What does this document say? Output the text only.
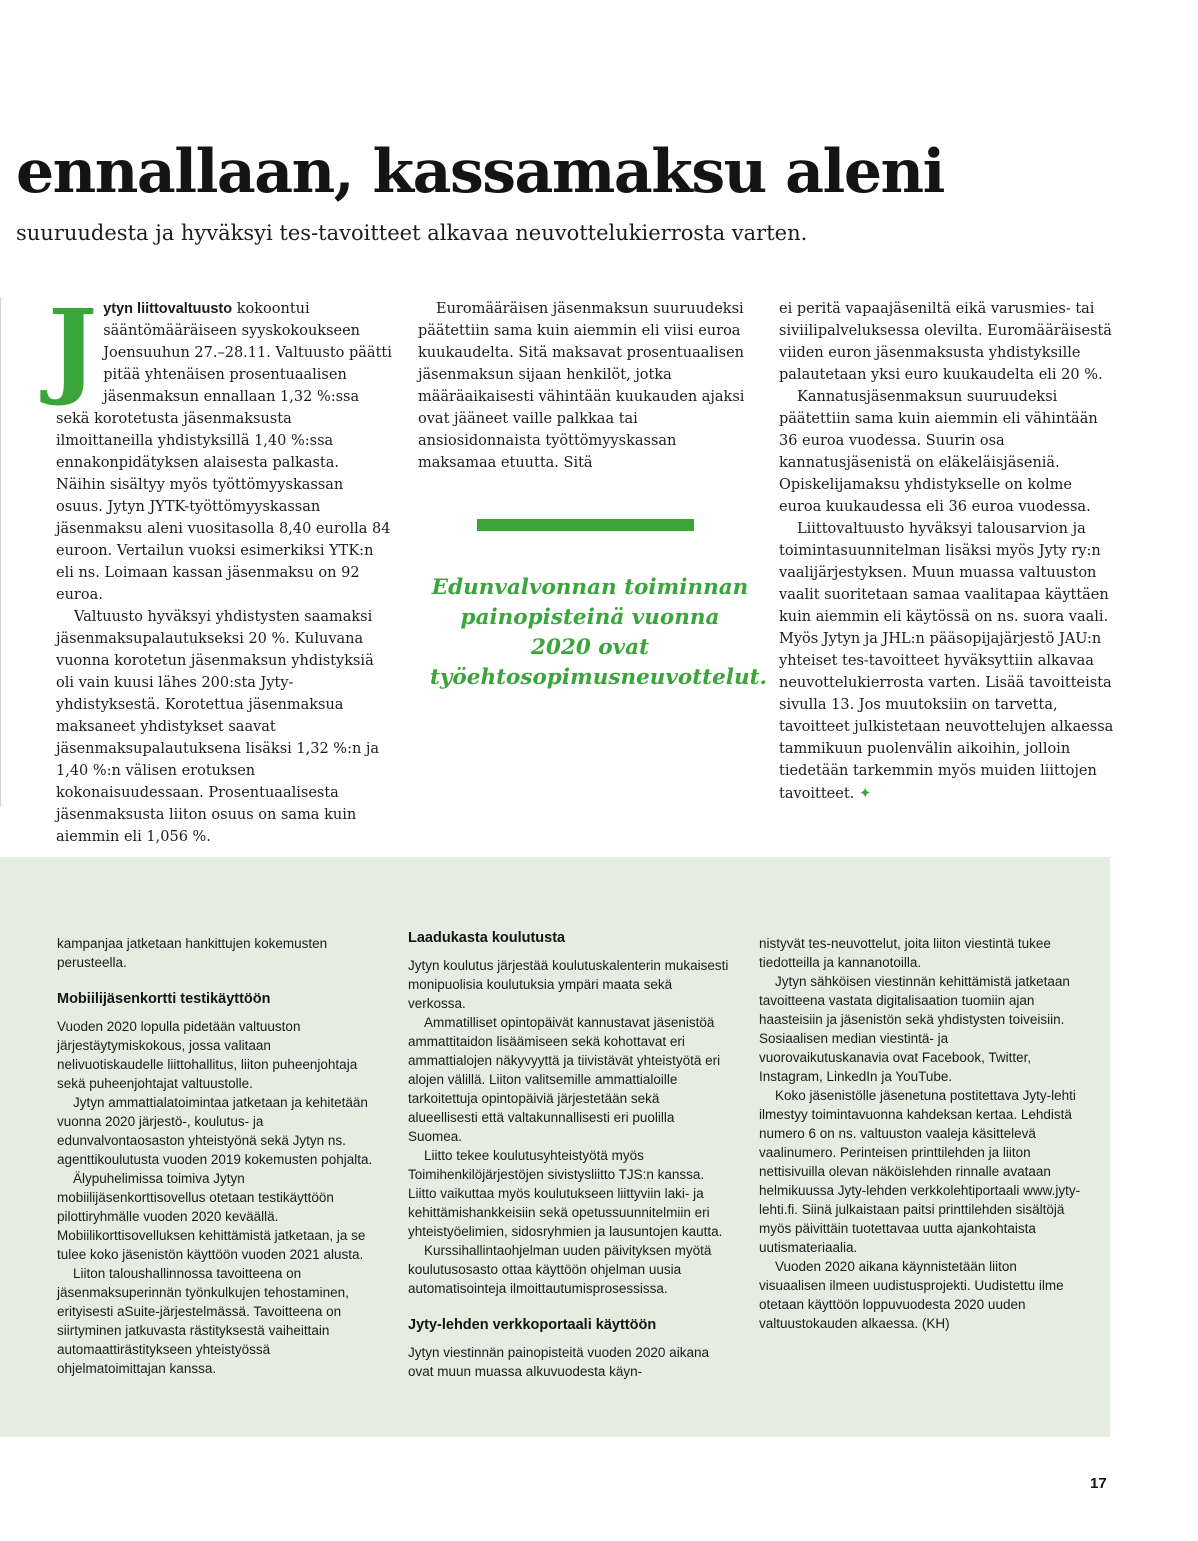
ennallaan, kassamaksu aleni

suuruudesta ja hyväksyi tes-tavoitteet alkavaa neuvottelukierrosta varten.

Jytyn liittovaltuusto kokoontui sääntömääräiseen syyskokoukseen Joensuuhun 27.–28.11. Valtuusto päätti pitää yhtenäisen prosentuaalisen jäsenmaksun ennallaan 1,32 %:ssa sekä korotetusta jäsenmaksusta ilmoittaneilla yhdistyksillä 1,40 %:ssa ennakonpidätyksen alaisesta palkasta. Näihin sisältyy myös työttömyyskassan osuus. Jytyn JYTK-työttömyyskassan jäsenmaksu aleni vuositasolla 8,40 eurolla 84 euroon. Vertailun vuoksi esimerkiksi YTK:n eli ns. Loimaan kassan jäsenmaksu on 92 euroa.

Valtuusto hyväksyi yhdistysten saamaksi jäsenmaksupalautukseksi 20 %. Kuluvana vuonna korotetun jäsenmaksun yhdistyksiä oli vain kuusi lähes 200:sta Jyty-yhdistyksestä. Korotettua jäsenmaksua maksaneet yhdistykset saavat jäsenmaksupalautuksena lisäksi 1,32 %:n ja 1,40 %:n välisen erotuksen kokonaisuudessaan. Prosentuaalisesta jäsenmaksusta liiton osuus on sama kuin aiemmin eli 1,056 %.

Euromääräisen jäsenmaksun suuruudeksi päätettiin sama kuin aiemmin eli viisi euroa kuukaudelta. Sitä maksavat prosentuaalisen jäsenmaksun sijaan henkilöt, jotka määräaikaisesti vähintään kuukauden ajaksi ovat jääneet vaille palkkaa tai ansiosidonnaista työttömyyskassan maksamaa etuutta. Sitä

Edunvalvonnan toiminnan painopisteinä vuonna 2020 ovat työehtosopimusneuvottelut.

ei peritä vapaajäseniltä eikä varusmies- tai siviilipalveluksessa olevilta. Euromääräisestä viiden euron jäsenmaksusta yhdistyksille palautetaan yksi euro kuukaudelta eli 20 %.

Kannatusjäsenmaksun suuruudeksi päätettiin sama kuin aiemmin eli vähintään 36 euroa vuodessa. Suurin osa kannatusjäsenistä on eläkeläisjäseniä. Opiskelijamaksu yhdistykselle on kolme euroa kuukaudessa eli 36 euroa vuodessa.

Liittovaltuusto hyväksyi talousarvion ja toimintasuunnitelman lisäksi myös Jyty ry:n vaalijärjestyksen. Muun muassa valtuuston vaalit suoritetaan samaa vaalitapaa käyttäen kuin aiemmin eli käytössä on ns. suora vaali. Myös Jytyn ja JHL:n pääsopijajärjestö JAU:n yhteiset tes-tavoitteet hyväksyttiin alkavaa neuvottelukierrosta varten. Lisää tavoitteista sivulla 13. Jos muutoksiin on tarvetta, tavoitteet julkistetaan neuvottelujen alkaessa tammikuun puolenvälin aikoihin, jolloin tiedetään tarkemmin myös muiden liittojen tavoitteet. ✦

kampanjaa jatketaan hankittujen kokemusten perusteella.

Mobiilijäsenkortti testikäyttöön

Vuoden 2020 lopulla pidetään valtuuston järjestäytymiskokous, jossa valitaan nelivuotiskaudelle liittohallitus, liiton puheenjohtaja sekä puheenjohtajat valtuustolle.

Jytyn ammattialatoimintaa jatketaan ja kehitetään vuonna 2020 järjestö-, koulutus- ja edunvalvontaosaston yhteistyönä sekä Jytyn ns. agenttikoulutusta vuoden 2019 kokemusten pohjalta.

Älypuhelimissa toimiva Jytyn mobiilijäsenkorttisovellus otetaan testikäyttöön pilottiryhmälle vuoden 2020 keväällä. Mobiilikorttisovelluksen kehittämistä jatketaan, ja se tulee koko jäsenistön käyttöön vuoden 2021 alusta.

Liiton taloushallinnossa tavoitteena on jäsenmaksuperinnän työnkulkujen tehostaminen, erityisesti aSuite-järjestelmässä. Tavoitteena on siirtyminen jatkuvasta rästityksestä vaiheittain automaattirästitykseen yhteistyössä ohjelmatoimittajan kanssa.

Laadukasta koulutusta

Jytyn koulutus järjestää koulutuskalenterin mukaisesti monipuolisia koulutuksia ympäri maata sekä verkossa.

Ammatilliset opintopäivät kannustavat jäsenistöä ammattitaidon lisäämiseen sekä kohottavat eri ammattialojen näkyvyyttä ja tiivistävät yhteistyötä eri alojen välillä. Liiton valitsemille ammattialoille tarkoitettuja opintopäiviä järjestetään sekä alueellisesti että valtakunnallisesti eri puolilla Suomea.

Liitto tekee koulutusyhteistyötä myös Toimihenkilöjärjestöjen sivistysliitto TJS:n kanssa. Liitto vaikuttaa myös koulutukseen liittyviin laki- ja kehittämishankkeisiin sekä opetussuunnitelmiin eri yhteistyöelimien, sidosryhmien ja lausuntojen kautta.

Kurssihallintaohjelman uuden päivityksen myötä koulutusosasto ottaa käyttöön ohjelman uusia automatisointeja ilmoittautumisprosessissa.

Jyty-lehden verkkoportaali käyttöön

Jytyn viestinnän painopisteitä vuoden 2020 aikana ovat muun muassa alkuvuodesta käyn-

nistyvät tes-neuvottelut, joita liiton viestintä tukee tiedotteilla ja kannanotoilla.

Jytyn sähköisen viestinnän kehittämistä jatketaan tavoitteena vastata digitalisaation tuomiin ajan haasteisiin ja jäsenistön sekä yhdistysten toiveisiin. Sosiaalisen median viestintä- ja vuorovaikutuskanavia ovat Facebook, Twitter, Instagram, LinkedIn ja YouTube.

Koko jäsenistölle jäsenetuna postitettava Jyty-lehti ilmestyy toimintavuonna kahdeksan kertaa. Lehdistä numero 6 on ns. valtuuston vaaleja käsittelevä vaalinumero. Perinteisen printtilehden ja liiton nettisivuilla olevan näköislehden rinnalle avataan helmikuussa Jyty-lehden verkkolehtiportaali www.jyty-lehti.fi. Siinä julkaistaan paitsi printtilehden sisältöjä myös päivittäin tuotettavaa uutta ajankohtaista uutismateriaalia.

Vuoden 2020 aikana käynnistetään liiton visuaalisen ilmeen uudistusprojekti. Uudistettu ilme otetaan käyttöön loppuvuodesta 2020 uuden valtuustokauden alkaessa. (KH)

17
